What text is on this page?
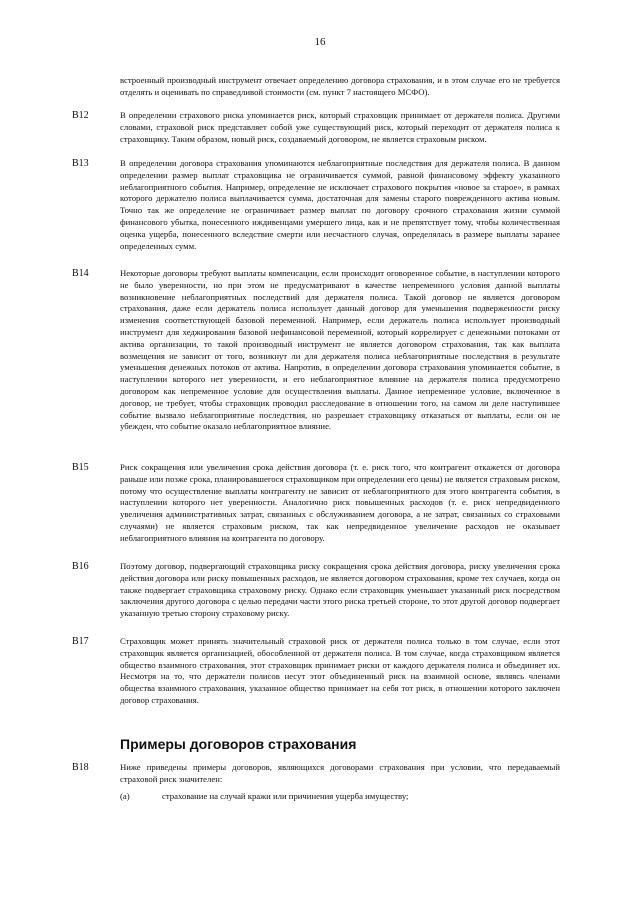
16
встроенный производный инструмент отвечает определению договора страхования, и в этом случае его не требуется отделять и оценивать по справедливой стоимости (см. пункт 7 настоящего МСФО).
B12	В определении страхового риска упоминается риск, который страховщик принимает от держателя полиса. Другими словами, страховой риск представляет собой уже существующий риск, который переходит от держателя полиса к страховщику. Таким образом, новый риск, создаваемый договором, не является страховым риском.
B13	В определении договора страхования упоминаются неблагоприятные последствия для держателя полиса. В данном определении размер выплат страховщика не ограничивается суммой, равной финансовому эффекту указанного неблагоприятного события. Например, определение не исключает страхового покрытия «новое за старое», в рамках которого держателю полиса выплачивается сумма, достаточная для замены старого поврежденного актива новым. Точно так же определение не ограничивает размер выплат по договору срочного страхования жизни суммой финансового убытка, понесенного иждивенцами умершего лица, как и не препятствует тому, чтобы количественная оценка ущерба, понесенного вследствие смерти или несчастного случая, определялась в размере выплаты заранее определенных сумм.
B14	Некоторые договоры требуют выплаты компенсации, если происходит оговоренное событие, в наступлении которого не было уверенности, но при этом не предусматривают в качестве непременного условия данной выплаты возникновение неблагоприятных последствий для держателя полиса. Такой договор не является договором страхования, даже если держатель полиса использует данный договор для уменьшения подверженности риску изменения соответствующей базовой переменной. Например, если держатель полиса использует производный инструмент для хеджирования базовой нефинансовой переменной, который коррелирует с денежными потоками от актива организации, то такой производный инструмент не является договором страхования, так как выплата возмещения не зависит от того, возникнут ли для держателя полиса неблагоприятные последствия в результате уменьшения денежных потоков от актива. Напротив, в определении договора страхования упоминается событие, в наступлении которого нет уверенности, и его неблагоприятное влияние на держателя полиса предусмотрено договором как непременное условие для осуществления выплаты. Данное непременное условие, включенное в договор, не требует, чтобы страховщик проводил расследование в отношении того, на самом ли деле наступившее событие вызвало неблагоприятные последствия, но разрешает страховщику отказаться от выплаты, если он не убежден, что событие оказало неблагоприятное влияние.
B15	Риск сокращения или увеличения срока действия договора (т. е. риск того, что контрагент откажется от договора раньше или позже срока, планировавшегося страховщиком при определении его цены) не является страховым риском, потому что осуществление выплаты контрагенту не зависит от неблагоприятного для этого контрагента события, в наступлении которого нет уверенности. Аналогично риск повышенных расходов (т. е. риск непредвиденного увеличения административных затрат, связанных с обслуживанием договора, а не затрат, связанных со страховыми случаями) не является страховым риском, так как непредвиденное увеличение расходов не оказывает неблагоприятного влияния на контрагента по договору.
B16	Поэтому договор, подвергающий страховщика риску сокращения срока действия договора, риску увеличения срока действия договора или риску повышенных расходов, не является договором страхования, кроме тех случаев, когда он также подвергает страховщика страховому риску. Однако если страховщик уменьшает указанный риск посредством заключения другого договора с целью передачи части этого риска третьей стороне, то этот другой договор подвергает указанную третью сторону страховому риску.
B17	Страховщик может принять значительный страховой риск от держателя полиса только в том случае, если этот страховщик является организацией, обособленной от держателя полиса. В том случае, когда страховщиком является общество взаимного страхования, этот страховщик принимает риски от каждого держателя полиса и объединяет их. Несмотря на то, что держатели полисов несут этот объединенный риск на взаимной основе, являясь членами общества взаимного страхования, указанное общество принимает на себя тот риск, в отношении которого заключен договор страхования.
Примеры договоров страхования
B18	Ниже приведены примеры договоров, являющихся договорами страхования при условии, что передаваемый страховой риск значителен:
(a)	страхование на случай кражи или причинения ущерба имуществу;
